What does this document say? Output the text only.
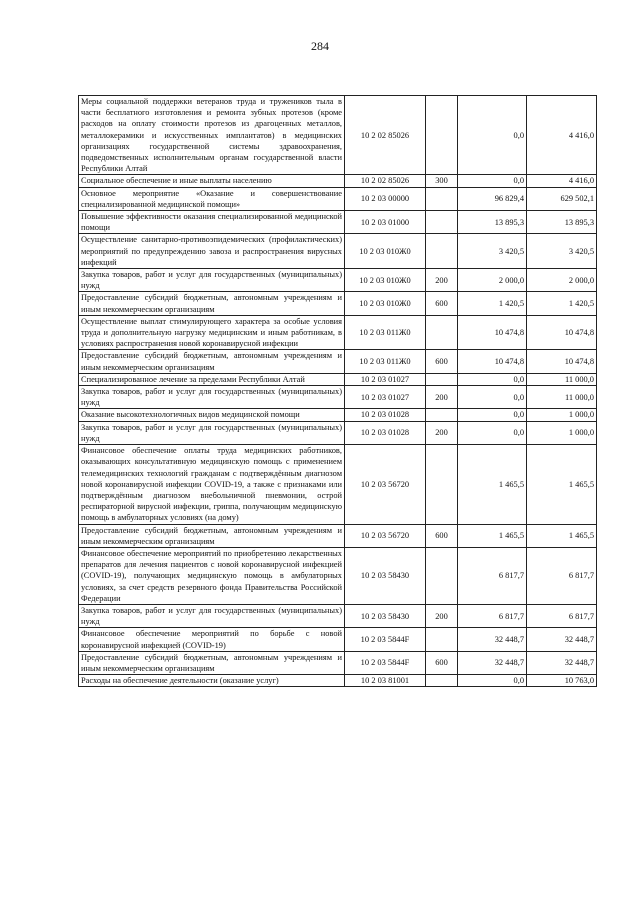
284
Меры социальной поддержки ветеранов труда и тружеников тыла в части бесплатного изготовления и ремонта зубных протезов (кроме расходов на оплату стоимости протезов из драгоценных металлов, металлокерамики и искусственных имплантатов) в медицинских организациях государственной системы здравоохранения, подведомственных исполнительным органам государственной власти Республики Алтай	10 2 02 85026		0,0	4 416,0
Социальное обеспечение и иные выплаты населению	10 2 02 85026	300	0,0	4 416,0
Основное мероприятие «Оказание и совершенствование специализированной медицинской помощи»	10 2 03 00000		96 829,4	629 502,1
Повышение эффективности оказания специализированной медицинской помощи	10 2 03 01000		13 895,3	13 895,3
Осуществление санитарно-противоэпидемических (профилактических) мероприятий по предупреждению завоза и распространения вирусных инфекций	10 2 03 010Ж0		3 420,5	3 420,5
Закупка товаров, работ и услуг для государственных (муниципальных) нужд	10 2 03 010Ж0	200	2 000,0	2 000,0
Предоставление субсидий бюджетным, автономным учреждениям и иным некоммерческим организациям	10 2 03 010Ж0	600	1 420,5	1 420,5
Осуществление выплат стимулирующего характера за особые условия труда и дополнительную нагрузку медицинским и иным работникам, в условиях распространения новой коронавирусной инфекции	10 2 03 011Ж0		10 474,8	10 474,8
Предоставление субсидий бюджетным, автономным учреждениям и иным некоммерческим организациям	10 2 03 011Ж0	600	10 474,8	10 474,8
Специализированное лечение за пределами Республики Алтай	10 2 03 01027		0,0	11 000,0
Закупка товаров, работ и услуг для государственных (муниципальных) нужд	10 2 03 01027	200	0,0	11 000,0
Оказание высокотехнологичных видов медицинской помощи	10 2 03 01028		0,0	1 000,0
Закупка товаров, работ и услуг для государственных (муниципальных) нужд	10 2 03 01028	200	0,0	1 000,0
Финансовое обеспечение оплаты труда медицинских работников, оказывающих консультативную медицинскую помощь с применением телемедицинских технологий гражданам с подтверждённым диагнозом новой коронавирусной инфекции COVID-19, а также с признаками или подтверждённым диагнозом внебольничной пневмонии, острой респираторной вирусной инфекции, гриппа, получающим медицинскую помощь в амбулаторных условиях (на дому)	10 2 03 56720		1 465,5	1 465,5
Предоставление субсидий бюджетным, автономным учреждениям и иным некоммерческим организациям	10 2 03 56720	600	1 465,5	1 465,5
Финансовое обеспечение мероприятий по приобретению лекарственных препаратов для лечения пациентов с новой коронавирусной инфекцией (COVID-19), получающих медицинскую помощь в амбулаторных условиях, за счет средств резервного фонда Правительства Российской Федерации	10 2 03 58430		6 817,7	6 817,7
Закупка товаров, работ и услуг для государственных (муниципальных) нужд	10 2 03 58430	200	6 817,7	6 817,7
Финансовое обеспечение мероприятий по борьбе с новой коронавирусной инфекцией (COVID-19)	10 2 03 5844F		32 448,7	32 448,7
Предоставление субсидий бюджетным, автономным учреждениям и иным некоммерческим организациям	10 2 03 5844F	600	32 448,7	32 448,7
Расходы на обеспечение деятельности (оказание услуг)	10 2 03 81001		0,0	10 763,0
